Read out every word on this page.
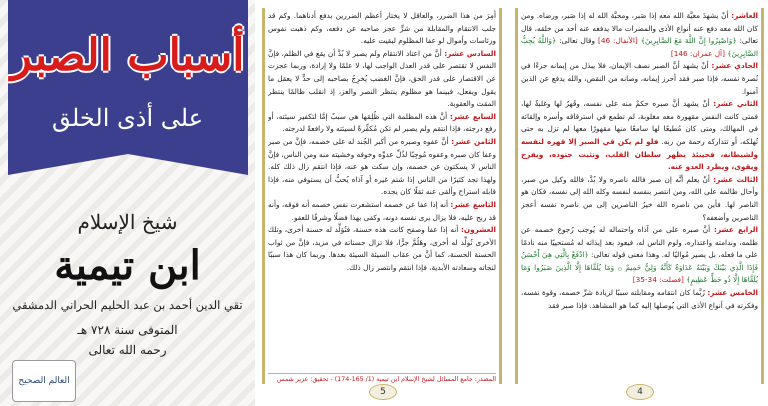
أسباب الصبر
على أذى الخلق
شيخ الإسلام
ابن تيمية
تقي الدين أحمد بن عبد الحليم الحراني الدمشقي
المتوفى سنة ٧٢٨ هـ
رحمه الله تعالى
العالم الصحيح

أُمِرَ من هذا الضرر، والعاقل لا يختار أعظم الضررين بدفع أدناهما. وكم قد جلب الانتقام والمقابلة من شرٍّ عجز صاحبه عن دفعه، وكم ذهبت نفوس ورئاسات وأموال لو عفا المظلوم لبقيت عليه.

السادس عشر: أنَّ من اعتاد الانتقام ولم يصبر لا بُدَّ أن يقع في الظلم، فإنَّ النفس لا تقتصر على قدر العدل الواجب لها، لا علمًا ولا إرادة، وربما عجزت عن الاقتصار على قدر الحق، فإنَّ الغضب يُخرِجُ بصاحبه إلى حدٍّ لا يعقل ما يقول ويفعل، فبينما هو مظلوم ينتظر النصر والعز، إذ انقلب ظالمًا ينتظر المقت والعقوبة.

السابع عشر: أنَّ هذه المظلمة التي ظُلِمَها هي سببٌ إمَّا لتكفير سيئته، أو رفع درجته، فإذا انتقم ولم يصبر لم تكن مُكفِّرةً لسيئته ولا رافعةً لدرجته.

الثامن عشر: أنَّ عفوه وصبره من أكبر الجُند له على خصمه، فإنَّ من صبر وعفا كان صبره وعفوه مُوجِبًا لذُلِّ عدوِّه وخوفه وخشيته منه ومن الناس، فإنَّ الناس لا يسكتون عن خصمه، وإن سكت هو عنه، فإذا انتقم زال ذلك كله. ولهذا تجد كثيرًا من الناس إذا شتم غيره أو آذاه يُحبُّ أن يستوفي منه، فإذا قابله استراح وألقى عنه ثقلًا كان يجده.

التاسع عشر: أنه إذا عفا عن خصمه استشعرت نفس خصمه أنه فوقه، وأنه قد ربح عليه، فلا يزال يرى نفسه دونه، وكفى بهذا فضلًا وشرفًا للعفو.

العشرون: أنه إذا عفا وصفح كانت هذه حسنة، فتُوَلِّد له حسنة أخرى، وتلك الأخرى تُولِّد له أخرى، وهَلُمَّ جرًّا، فلا تزال حسناته في مزيد، فإنَّ من ثواب الحسنة الحسنة، كما أنَّ من عقاب السيئة السيئة بعدها. وربما كان هذا سببًا لنجاته وسعادته الأبدية، فإذا انتقم وانتصر زال ذلك.

المصدر: جامع المسائل لشيخ الإسلام ابن تيمية (1/ 165-174) - تحقيق: عزير شمس
5

العاشر: أنْ يشهدَ معيَّة الله معه إذا صَبر، ومحبَّة الله له إذا صَبر، ورضاه. ومن كان الله معه دفع عنه أنواع الأذى والمضرات مالا يدفعه عنه أحد من خلقه، قال تعالى: ﴿وَاصْبِرُوا إِنَّ اللَّهَ مَعَ الصَّابِرِينَ﴾ [الأنفال: 46] وقال تعالى: ﴿وَاللَّهُ يُحِبُّ الصَّابِرِينَ﴾ [آل عمران: 146]

الحادي عشر: أنْ يشهد أنَّ الصبر نصف الإيمان، فلا يبذل من إيمانه جزءًا في نُصرة نفسه، فإذا صبر فقد أحرز إيمانه، وصانه من النقص، والله يدفع عن الذين آمنوا.

الثاني عشر: أنْ يشهد أنَّ صبره حكمٌ منه على نفسه، وقَهرٌ لها وغلبةٌ لها، فمتى كانت النفس مقهورة معه مغلوبة، لم تطمع في استرقاقه وأسره وإلقائه في المهالك، ومتى كان مُطيعًا لها سامعًا منها مقهورًا معها لم تزل به حتى تُهلكه، أو تتداركه رحمة من ربه. فلو لم يكن في الصبر إلا قهره لنفسه ولشيطانه، فحينئذ يظهر سلطان القلب، وتثبت جنوده، ويفرح ويقوى، ويطرد العدو عنه.

الثالث عشر: أنْ يعلم أنَّه إن صبر فالله ناصره ولا بُدَّ، فالله وكيل من صبر، وأحال ظالمه على الله، ومن انتصر بنفسه لنفسه وكله الله إلى نفسه، فكان هو الناصر لها. فأين من ناصره الله خيرُ الناصرين إلى من ناصره نفسه أعجز الناصرين وأضعفه؟

الرابع عشر: أنَّ صبره على من آذاه واحتماله له يُوجب رُجوع خصمه عن ظلمه، وندامته واعتذاره، ولوم الناس له، فيعود بعد إيذائه له مُستحييًا منه نادمًا على ما فعله، بل يصير مُواليًا له. وهذا معنى قوله تعالى: ﴿ادْفَعْ بِالَّتِي هِيَ أَحْسَنُ فَإِذَا الَّذِي بَيْنَكَ وَبَيْنَهُ عَدَاوَةٌ كَأَنَّهُ وَلِيٌّ حَمِيمٌ ۞ وَمَا يُلَقَّاهَا إِلَّا الَّذِينَ صَبَرُوا وَمَا يُلَقَّاهَا إِلَّا ذُو حَظٍّ عَظِيمٍ﴾ [فصلت: 34-35]

الخامس عشر: رُبَّما كان انتقامه ومقابلته سببًا لزيادة شرِّ خصمه، وقوة نفسه، وفكرته في أنواع الأذى التي يُوصلها إليه كما هو المشاهد. فإذا صبر فقد

4
